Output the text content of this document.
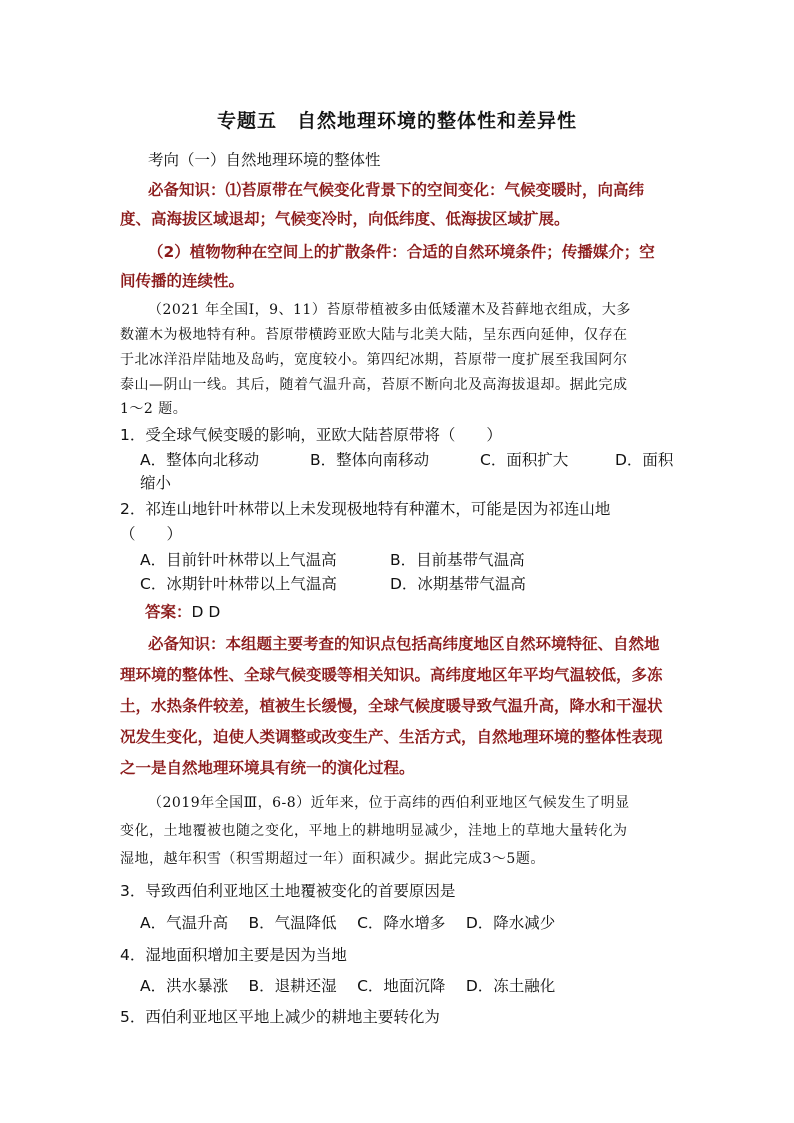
专题五　自然地理环境的整体性和差异性
考向（一）自然地理环境的整体性
必备知识：⑴苔原带在气候变化背景下的空间变化：气候变暖时，向高纬
度、高海拔区域退却；气候变冷时，向低纬度、低海拔区域扩展。
（2）植物物种在空间上的扩散条件：合适的自然环境条件；传播媒介；空
间传播的连续性。
（2021 年全国Ⅰ，9、11）苔原带植被多由低矮灌木及苔藓地衣组成，大多
数灌木为极地特有种。苔原带横跨亚欧大陆与北美大陆，呈东西向延伸，仅存在
于北冰洋沿岸陆地及岛屿，宽度较小。第四纪冰期，苔原带一度扩展至我国阿尔
泰山—阴山一线。其后，随着气温升高，苔原不断向北及高海拔退却。据此完成
1～2 题。
1．受全球气候变暖的影响，亚欧大陆苔原带将（　　）
A．整体向北移动	B．整体向南移动	C．面积扩大	D．面积
缩小
2．祁连山地针叶林带以上未发现极地特有种灌木，可能是因为祁连山地
（　　）
A．目前针叶林带以上气温高	B．目前基带气温高
C．冰期针叶林带以上气温高	D．冰期基带气温高
答案：D D
必备知识：本组题主要考查的知识点包括高纬度地区自然环境特征、自然地
理环境的整体性、全球气候变暖等相关知识。高纬度地区年平均气温较低，多冻
土，水热条件较差，植被生长缓慢，全球气候度暖导致气温升高，降水和干湿状
况发生变化，迫使人类调整或改变生产、生活方式，自然地理环境的整体性表现
之一是自然地理环境具有统一的演化过程。
（2019年全国Ⅲ，6-8）近年来，位于高纬的西伯利亚地区气候发生了明显
变化，土地覆被也随之变化，平地上的耕地明显减少，洼地上的草地大量转化为
湿地，越年积雪（积雪期超过一年）面积减少。据此完成3～5题。
3．导致西伯利亚地区土地覆被变化的首要原因是
A．气温升高　 B．气温降低　 C．降水增多　 D．降水减少
4．湿地面积增加主要是因为当地
A．洪水暴涨　 B．退耕还湿　 C．地面沉降　 D．冻土融化
5．西伯利亚地区平地上减少的耕地主要转化为
